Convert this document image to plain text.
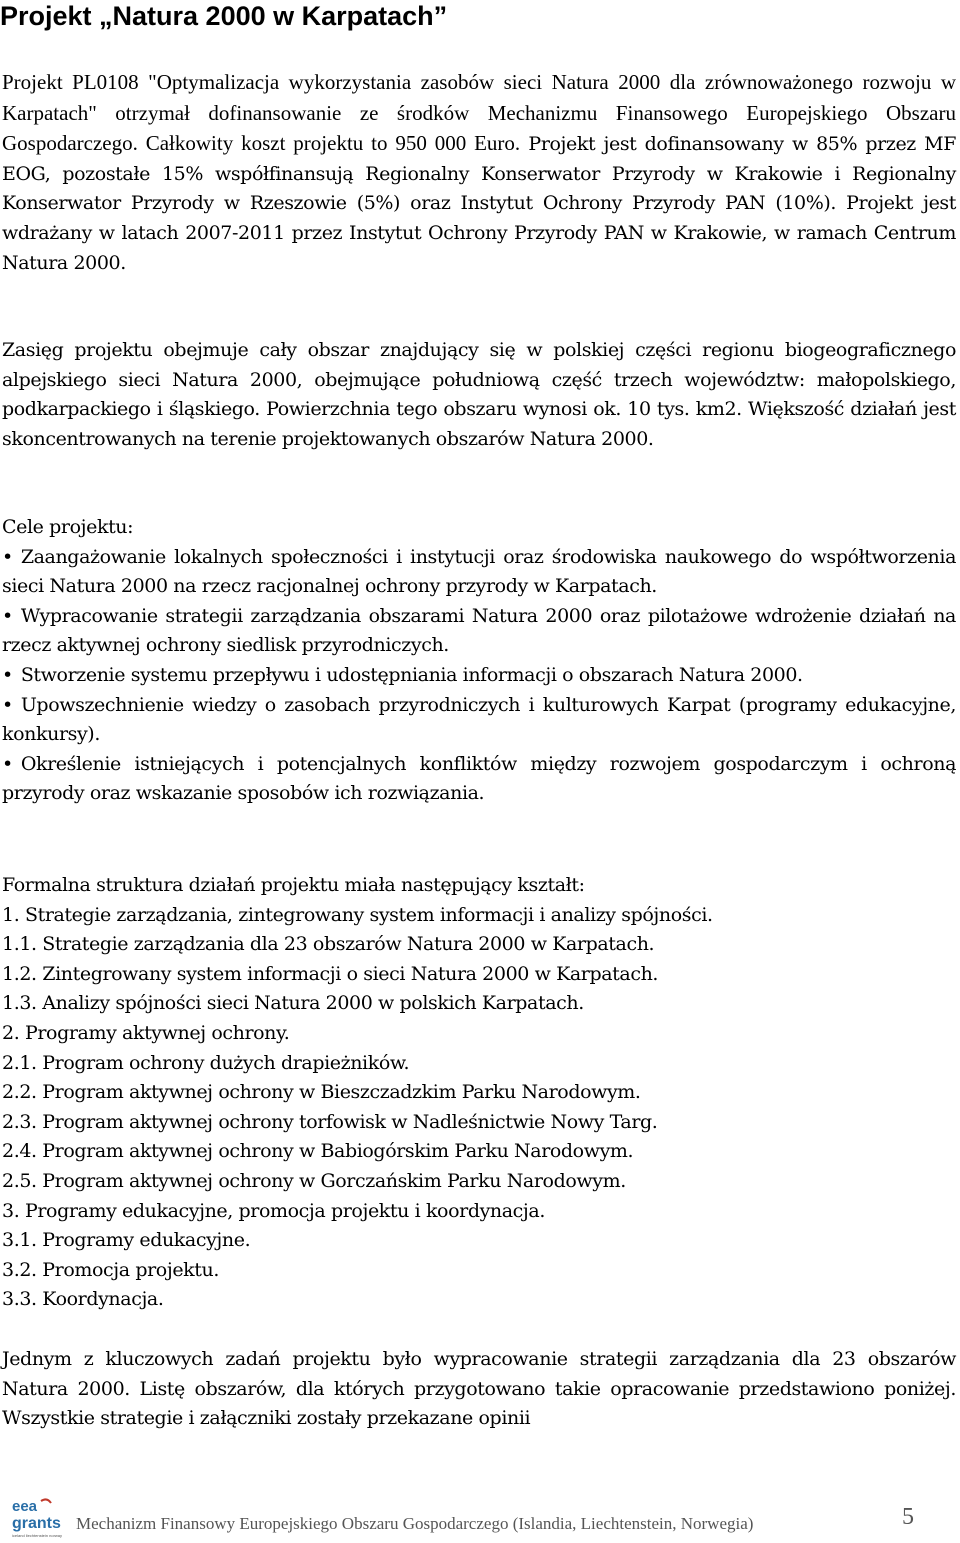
Projekt „Natura 2000 w Karpatach”

Projekt PL0108 "Optymalizacja wykorzystania zasobów sieci Natura 2000 dla zrównoważonego rozwoju w Karpatach" otrzymał dofinansowanie ze środków Mechanizmu Finansowego Europejskiego Obszaru Gospodarczego. Całkowity koszt projektu to 950 000 Euro. Projekt jest dofinansowany w 85% przez MF EOG, pozostałe 15% współfinansują Regionalny Konserwator Przyrody w Krakowie i Regionalny Konserwator Przyrody w Rzeszowie (5%) oraz Instytut Ochrony Przyrody PAN (10%). Projekt jest wdrażany w latach 2007-2011 przez Instytut Ochrony Przyrody PAN w Krakowie, w ramach Centrum Natura 2000.

Zasięg projektu obejmuje cały obszar znajdujący się w polskiej części regionu biogeograficznego alpejskiego sieci Natura 2000, obejmujące południową część trzech województw: małopolskiego, podkarpackiego i śląskiego. Powierzchnia tego obszaru wynosi ok. 10 tys. km2. Większość działań jest skoncentrowanych na terenie projektowanych obszarów Natura 2000.

Cele projektu:

• Zaangażowanie lokalnych społeczności i instytucji oraz środowiska naukowego do współtworzenia sieci Natura 2000 na rzecz racjonalnej ochrony przyrody w Karpatach.
• Wypracowanie strategii zarządzania obszarami Natura 2000 oraz pilotażowe wdrożenie działań na rzecz aktywnej ochrony siedlisk przyrodniczych.
• Stworzenie systemu przepływu i udostępniania informacji o obszarach Natura 2000.
• Upowszechnienie wiedzy o zasobach przyrodniczych i kulturowych Karpat (programy edukacyjne, konkursy).
• Określenie istniejących i potencjalnych konfliktów między rozwojem gospodarczym i ochroną przyrody oraz wskazanie sposobów ich rozwiązania.

Formalna struktura działań projektu miała następujący kształt:

1. Strategie zarządzania, zintegrowany system informacji i analizy spójności.
1.1. Strategie zarządzania dla 23 obszarów Natura 2000 w Karpatach.
1.2. Zintegrowany system informacji o sieci Natura 2000 w Karpatach.
1.3. Analizy spójności sieci Natura 2000 w polskich Karpatach.
2. Programy aktywnej ochrony.
2.1. Program ochrony dużych drapieżników.
2.2. Program aktywnej ochrony w Bieszczadzkim Parku Narodowym.
2.3. Program aktywnej ochrony torfowisk w Nadleśnictwie Nowy Targ.
2.4. Program aktywnej ochrony w Babiogórskim Parku Narodowym.
2.5. Program aktywnej ochrony w Gorczańskim Parku Narodowym.
3. Programy edukacyjne, promocja projektu i koordynacja.
3.1. Programy edukacyjne.
3.2. Promocja projektu.
3.3. Koordynacja.

Jednym z kluczowych zadań projektu było wypracowanie strategii zarządzania dla 23 obszarów Natura 2000. Listę obszarów, dla których przygotowano takie opracowanie przedstawiono poniżej. Wszystkie strategie i załączniki zostały przekazane opinii

eea
grants
iceland liechtenstein norway
Mechanizm Finansowy Europejskiego Obszaru Gospodarczego (Islandia, Liechtenstein, Norwegia)	5
